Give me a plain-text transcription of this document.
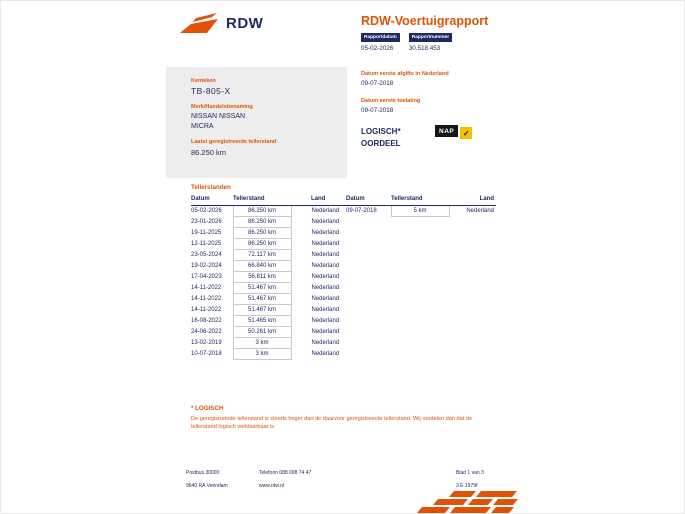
RDW	RDW-Voertuigrapport
Rapportdatum
05-02-2026
Rapportnummer
30.518.453
Kenteken
TB-805-X
Merk/Handelsbenaming
NISSAN NISSAN MICRA
Laatst geregistreerde tellerstand
86.250 km
Datum eerste afgifte in Nederland
09-07-2018
Datum eerste toelating
09-07-2018
LOGISCH*
OORDEEL
NAP	✓
Tellerstanden
Datum	Tellerstand	Land
05-02-2026	86.250 km	Nederland
23-01-2026	86.250 km	Nederland
19-11-2025	86.250 km	Nederland
12-11-2025	86.250 km	Nederland
23-05-2024	72.117 km	Nederland
19-02-2024	66.840 km	Nederland
17-04-2023	56.811 km	Nederland
14-11-2022	51.467 km	Nederland
14-11-2022	51.467 km	Nederland
14-11-2022	51.467 km	Nederland
16-08-2022	51.465 km	Nederland
24-06-2022	50.261 km	Nederland
13-02-2019	3 km	Nederland
10-07-2018	3 km	Nederland
Datum	Tellerstand	Land
09-07-2018	5 km	Nederland
* LOGISCH
De geregistreerde tellerstand is steeds hoger dan de daarvoor geregistreerde tellerstand. Wij oordelen dan dat de tellerstand logisch verklaarbaar is.
Postbus 30000
9640 RA Veendam
Telefoon 088 008 74 47
www.rdw.nl
Blad 1 van 3
3 E 1979f
